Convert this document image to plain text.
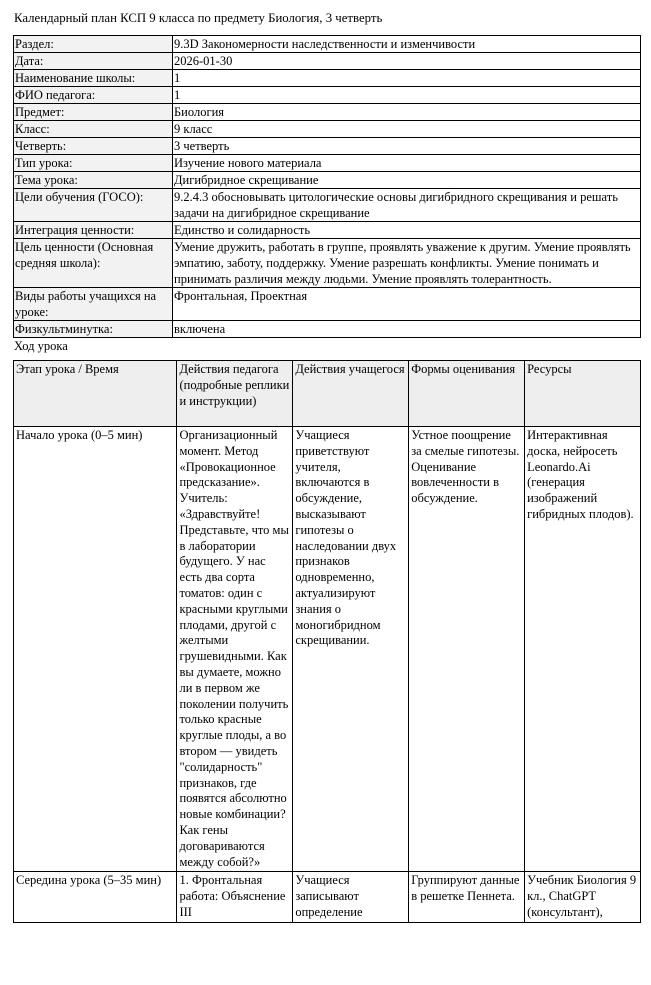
Календарный план КСП 9 класса по предмету Биология, 3 четверть
Раздел:	9.3D Закономерности наследственности и изменчивости
Дата:	2026-01-30
Наименование школы:	1
ФИО педагога:	1
Предмет:	Биология
Класс:	9 класс
Четверть:	3 четверть
Тип урока:	Изучение нового материала
Тема урока:	Дигибридное скрещивание
Цели обучения (ГОСО):	9.2.4.3 обосновывать цитологические основы дигибридного скрещивания и решать задачи на дигибридное скрещивание
Интеграция ценности:	Единство и солидарность
Цель ценности (Основная средняя школа):	Умение дружить, работать в группе, проявлять уважение к другим. Умение проявлять эмпатию, заботу, поддержку. Умение разрешать конфликты. Умение понимать и принимать различия между людьми. Умение проявлять толерантность.
Виды работы учащихся на уроке:	Фронтальная, Проектная
Физкультминутка:	включена
Ход урока
Этап урока / Время	Действия педагога (подробные реплики и инструкции)	Действия учащегося	Формы оценивания	Ресурсы
Начало урока (0–5 мин)	Организационный момент. Метод «Провокационное предсказание». Учитель: «Здравствуйте! Представьте, что мы в лаборатории будущего. У нас есть два сорта томатов: один с красными круглыми плодами, другой с желтыми грушевидными. Как вы думаете, можно ли в первом же поколении получить только красные круглые плоды, а во втором — увидеть "солидарность" признаков, где появятся абсолютно новые комбинации? Как гены договариваются между собой?»	Учащиеся приветствуют учителя, включаются в обсуждение, высказывают гипотезы о наследовании двух признаков одновременно, актуализируют знания о моногибридном скрещивании.	Устное поощрение за смелые гипотезы. Оценивание вовлеченности в обсуждение.	Интерактивная доска, нейросеть Leonardo.Ai (генерация изображений гибридных плодов).
Середина урока (5–35 мин)	1. Фронтальная работа: Объяснение III	Учащиеся записывают определение	Группируют данные в решетке Пеннета.	Учебник Биология 9 кл., ChatGPT (консультант),
